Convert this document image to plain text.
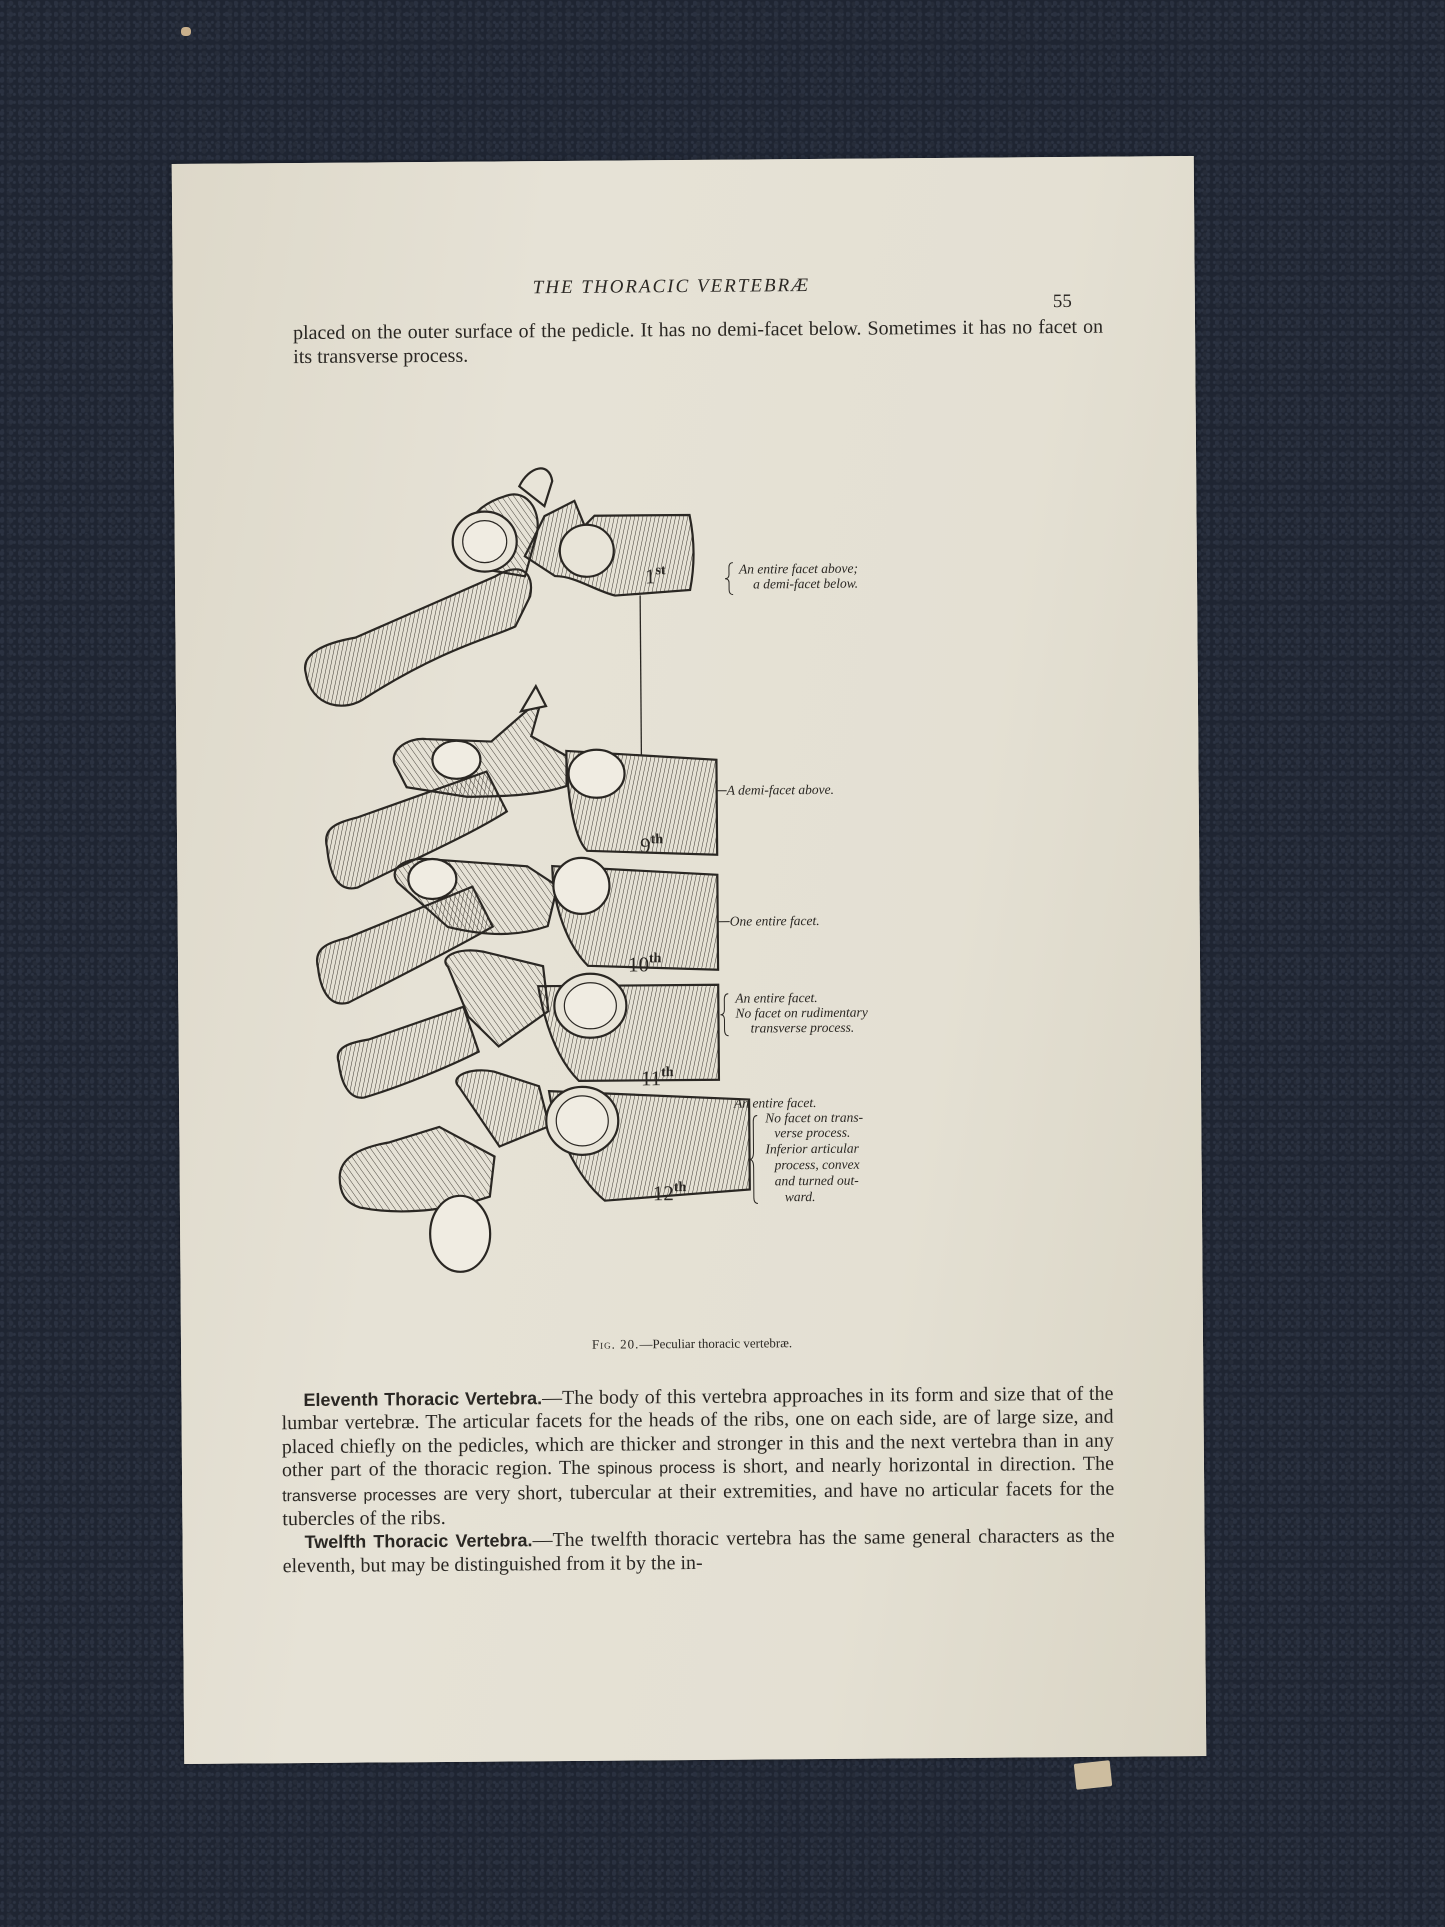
THE THORACIC VERTEBRÆ
55
placed on the outer surface of the pedicle. It has no demi-facet below. Sometimes it has no facet on its transverse process.
1st
9th
10th
11th
12th
An entire facet above;
a demi-facet below.
A demi-facet above.
One entire facet.
An entire facet.
No facet on rudimentary
transverse process.
An entire facet.
No facet on trans-
verse process.
Inferior articular
process, convex
and turned out-
ward.
Fig. 20.—Peculiar thoracic vertebræ.

Eleventh Thoracic Vertebra.—The body of this vertebra approaches in its form and size that of the lumbar vertebræ. The articular facets for the heads of the ribs, one on each side, are of large size, and placed chiefly on the pedicles, which are thicker and stronger in this and the next vertebra than in any other part of the thoracic region. The spinous process is short, and nearly horizontal in direction. The transverse processes are very short, tubercular at their extremities, and have no articular facets for the tubercles of the ribs.

Twelfth Thoracic Vertebra.—The twelfth thoracic vertebra has the same general characters as the eleventh, but may be distinguished from it by the in-
